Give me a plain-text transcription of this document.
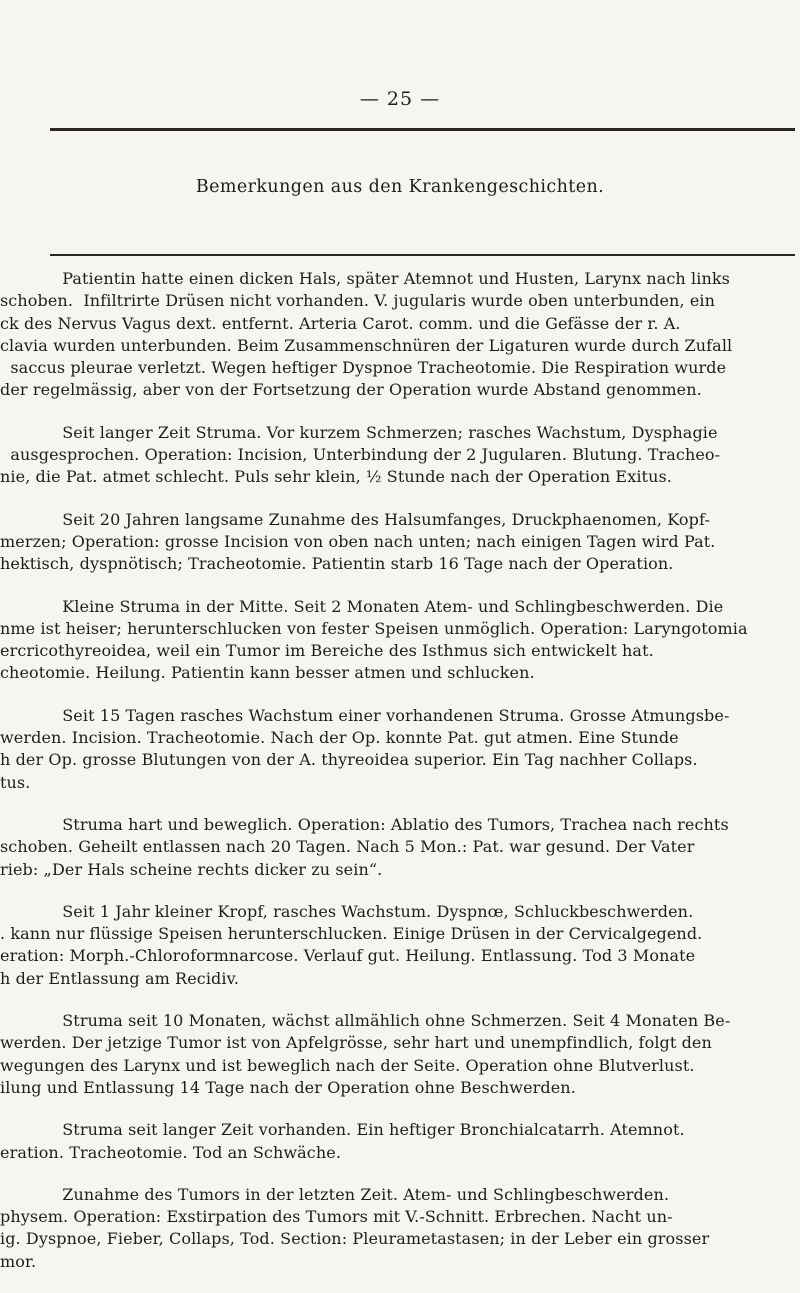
— 25 —
Bemerkungen aus den Krankengeschichten.
Patientin hatte einen dicken Hals, später Atemnot und Husten, Larynx nach links
schoben.  Infiltrirte Drüsen nicht vorhanden. V. jugularis wurde oben unterbunden, ein
ck des Nervus Vagus dext. entfernt. Arteria Carot. comm. und die Gefässe der r. A.
clavia wurden unterbunden. Beim Zusammenschnüren der Ligaturen wurde durch Zufall
saccus pleurae verletzt. Wegen heftiger Dyspnoe Tracheotomie. Die Respiration wurde
der regelmässig, aber von der Fortsetzung der Operation wurde Abstand genommen.
Seit langer Zeit Struma. Vor kurzem Schmerzen; rasches Wachstum, Dysphagie
ausgesprochen. Operation: Incision, Unterbindung der 2 Jugularen. Blutung. Tracheo-
nie, die Pat. atmet schlecht. Puls sehr klein, ½ Stunde nach der Operation Exitus.
Seit 20 Jahren langsame Zunahme des Halsumfanges, Druckphaenomen, Kopf-
merzen; Operation: grosse Incision von oben nach unten; nach einigen Tagen wird Pat.
hektisch, dyspnötisch; Tracheotomie. Patientin starb 16 Tage nach der Operation.
Kleine Struma in der Mitte. Seit 2 Monaten Atem- und Schlingbeschwerden. Die
nme ist heiser; herunterschlucken von fester Speisen unmöglich. Operation: Laryngotomia
ercricothyreoidea, weil ein Tumor im Bereiche des Isthmus sich entwickelt hat.
cheotomie. Heilung. Patientin kann besser atmen und schlucken.
Seit 15 Tagen rasches Wachstum einer vorhandenen Struma. Grosse Atmungsbe-
werden. Incision. Tracheotomie. Nach der Op. konnte Pat. gut atmen. Eine Stunde
h der Op. grosse Blutungen von der A. thyreoidea superior. Ein Tag nachher Collaps.
tus.
Struma hart und beweglich. Operation: Ablatio des Tumors, Trachea nach rechts
schoben. Geheilt entlassen nach 20 Tagen. Nach 5 Mon.: Pat. war gesund. Der Vater
rieb: „Der Hals scheine rechts dicker zu sein“.
Seit 1 Jahr kleiner Kropf, rasches Wachstum. Dyspnœ, Schluckbeschwerden.
. kann nur flüssige Speisen herunterschlucken. Einige Drüsen in der Cervicalgegend.
eration: Morph.-Chloroformnarcose. Verlauf gut. Heilung. Entlassung. Tod 3 Monate
h der Entlassung am Recidiv.
Struma seit 10 Monaten, wächst allmählich ohne Schmerzen. Seit 4 Monaten Be-
werden. Der jetzige Tumor ist von Apfelgrösse, sehr hart und unempfindlich, folgt den
wegungen des Larynx und ist beweglich nach der Seite. Operation ohne Blutverlust.
ilung und Entlassung 14 Tage nach der Operation ohne Beschwerden.
Struma seit langer Zeit vorhanden. Ein heftiger Bronchialcatarrh. Atemnot.
eration. Tracheotomie. Tod an Schwäche.
Zunahme des Tumors in der letzten Zeit. Atem- und Schlingbeschwerden.
physem. Operation: Exstirpation des Tumors mit V.-Schnitt. Erbrechen. Nacht un-
ig. Dyspnoe, Fieber, Collaps, Tod. Section: Pleurametastasen; in der Leber ein grosser
mor.
